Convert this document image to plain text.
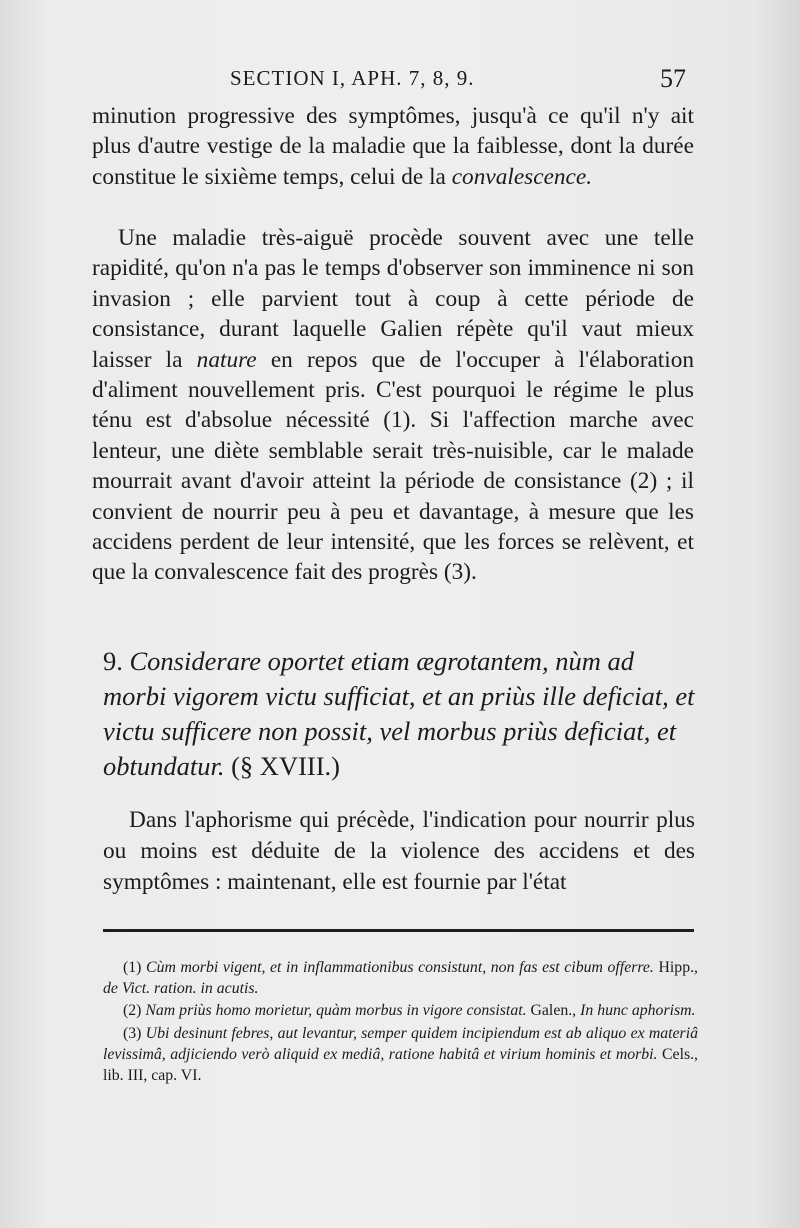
SECTION I, APH. 7, 8, 9.	57

minution progressive des symptômes, jusqu'à ce qu'il n'y ait plus d'autre vestige de la maladie que la faiblesse, dont la durée constitue le sixième temps, celui de la convalescence.

Une maladie très-aiguë procède souvent avec une telle rapidité, qu'on n'a pas le temps d'observer son imminence ni son invasion ; elle parvient tout à coup à cette période de consistance, durant laquelle Galien répète qu'il vaut mieux laisser la nature en repos que de l'occuper à l'élaboration d'aliment nouvellement pris. C'est pourquoi le régime le plus ténu est d'absolue nécessité (1). Si l'affection marche avec lenteur, une diète semblable serait très-nuisible, car le malade mourrait avant d'avoir atteint la période de consistance (2) ; il convient de nourrir peu à peu et davantage, à mesure que les accidens perdent de leur intensité, que les forces se relèvent, et que la convalescence fait des progrès (3).

9. Considerare oportet etiam ægrotantem, nùm ad morbi vigorem victu sufficiat, et an priùs ille deficiat, et victu sufficere non possit, vel morbus priùs deficiat, et obtundatur. (§ XVIII.)

Dans l'aphorisme qui précède, l'indication pour nourrir plus ou moins est déduite de la violence des accidens et des symptômes : maintenant, elle est fournie par l'état

(1) Cùm morbi vigent, et in inflammationibus consistunt, non fas est cibum offerre. Hipp., de Vict. ration. in acutis.

(2) Nam priùs homo morietur, quàm morbus in vigore consistat. Galen., In hunc aphorism.

(3) Ubi desinunt febres, aut levantur, semper quidem incipiendum est ab aliquo ex materiâ levissimâ, adjiciendo verò aliquid ex mediâ, ratione habitâ et virium hominis et morbi. Cels., lib. III, cap. VI.
